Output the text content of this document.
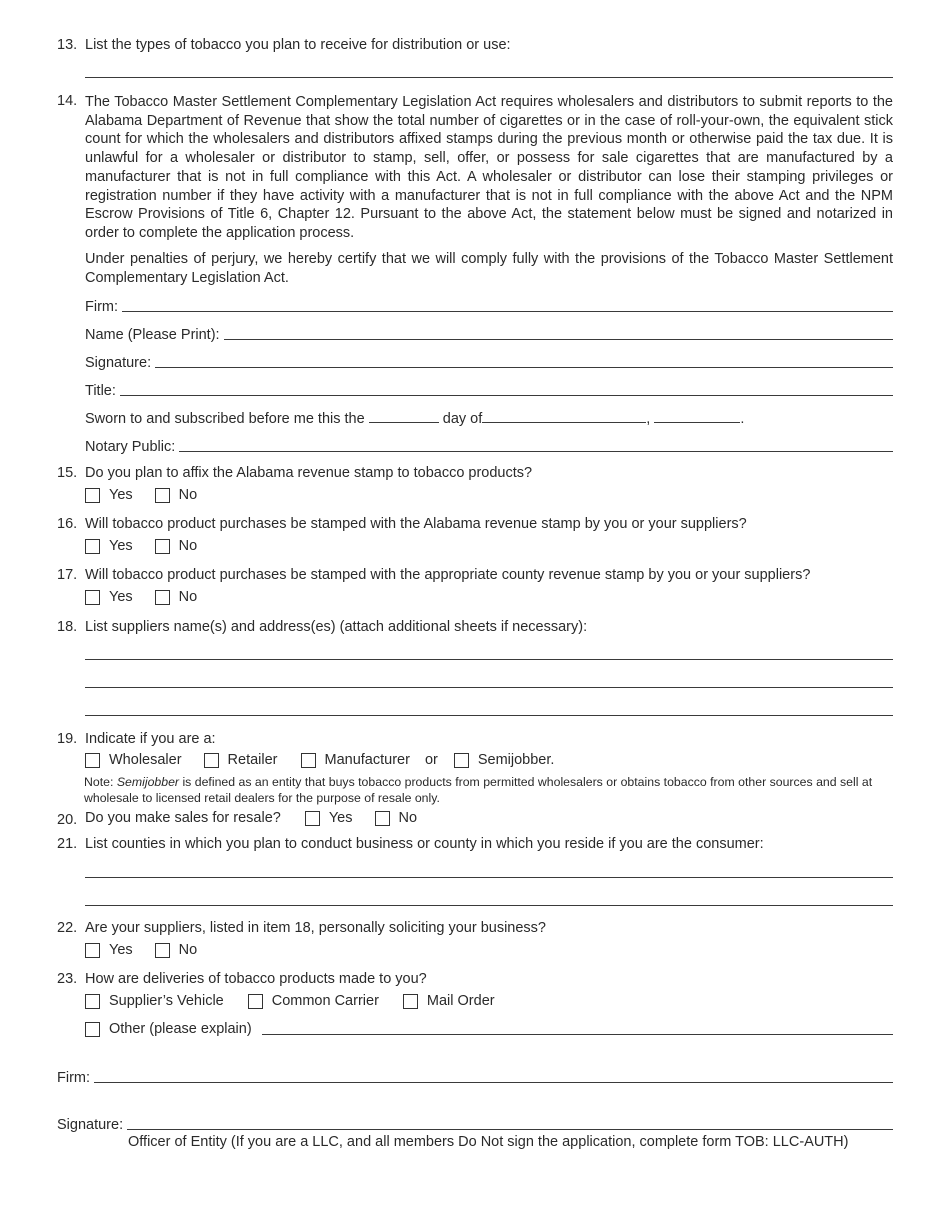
13. List the types of tobacco you plan to receive for distribution or use:
14. The Tobacco Master Settlement Complementary Legislation Act requires wholesalers and distributors to submit reports to the Alabama Department of Revenue that show the total number of cigarettes or in the case of roll-your-own, the equivalent stick count for which the wholesalers and distributors affixed stamps during the previous month or otherwise paid the tax due. It is unlawful for a wholesaler or distributor to stamp, sell, offer, or possess for sale cigarettes that are manufactured by a manufacturer that is not in full compliance with this Act. A wholesaler or distributor can lose their stamping privileges or registration number if they have activity with a manufacturer that is not in full compliance with the above Act and the NPM Escrow Provisions of Title 6, Chapter 12. Pursuant to the above Act, the statement below must be signed and notarized in order to complete the application process.
Under penalties of perjury, we hereby certify that we will comply fully with the provisions of the Tobacco Master Settlement Complementary Legislation Act.
Firm:
Name (Please Print):
Signature:
Title:
Sworn to and subscribed before me this the	day of	,	.
Notary Public:
15. Do you plan to affix the Alabama revenue stamp to tobacco products?
Yes	No
16. Will tobacco product purchases be stamped with the Alabama revenue stamp by you or your suppliers?
Yes	No
17. Will tobacco product purchases be stamped with the appropriate county revenue stamp by you or your suppliers?
Yes	No
18. List suppliers name(s) and address(es) (attach additional sheets if necessary):
19. Indicate if you are a:
Wholesaler	Retailer	Manufacturer or	Semijobber.
Note: Semijobber is defined as an entity that buys tobacco products from permitted wholesalers or obtains tobacco from other sources and sell at wholesale to licensed retail dealers for the purpose of resale only.
20. Do you make sales for resale?	Yes	No
21. List counties in which you plan to conduct business or county in which you reside if you are the consumer:
22. Are your suppliers, listed in item 18, personally soliciting your business?
Yes	No
23. How are deliveries of tobacco products made to you?
Supplier’s Vehicle	Common Carrier	Mail Order
Other (please explain)
Firm:
Signature:
Officer of Entity (If you are a LLC, and all members Do Not sign the application, complete form TOB: LLC-AUTH)
